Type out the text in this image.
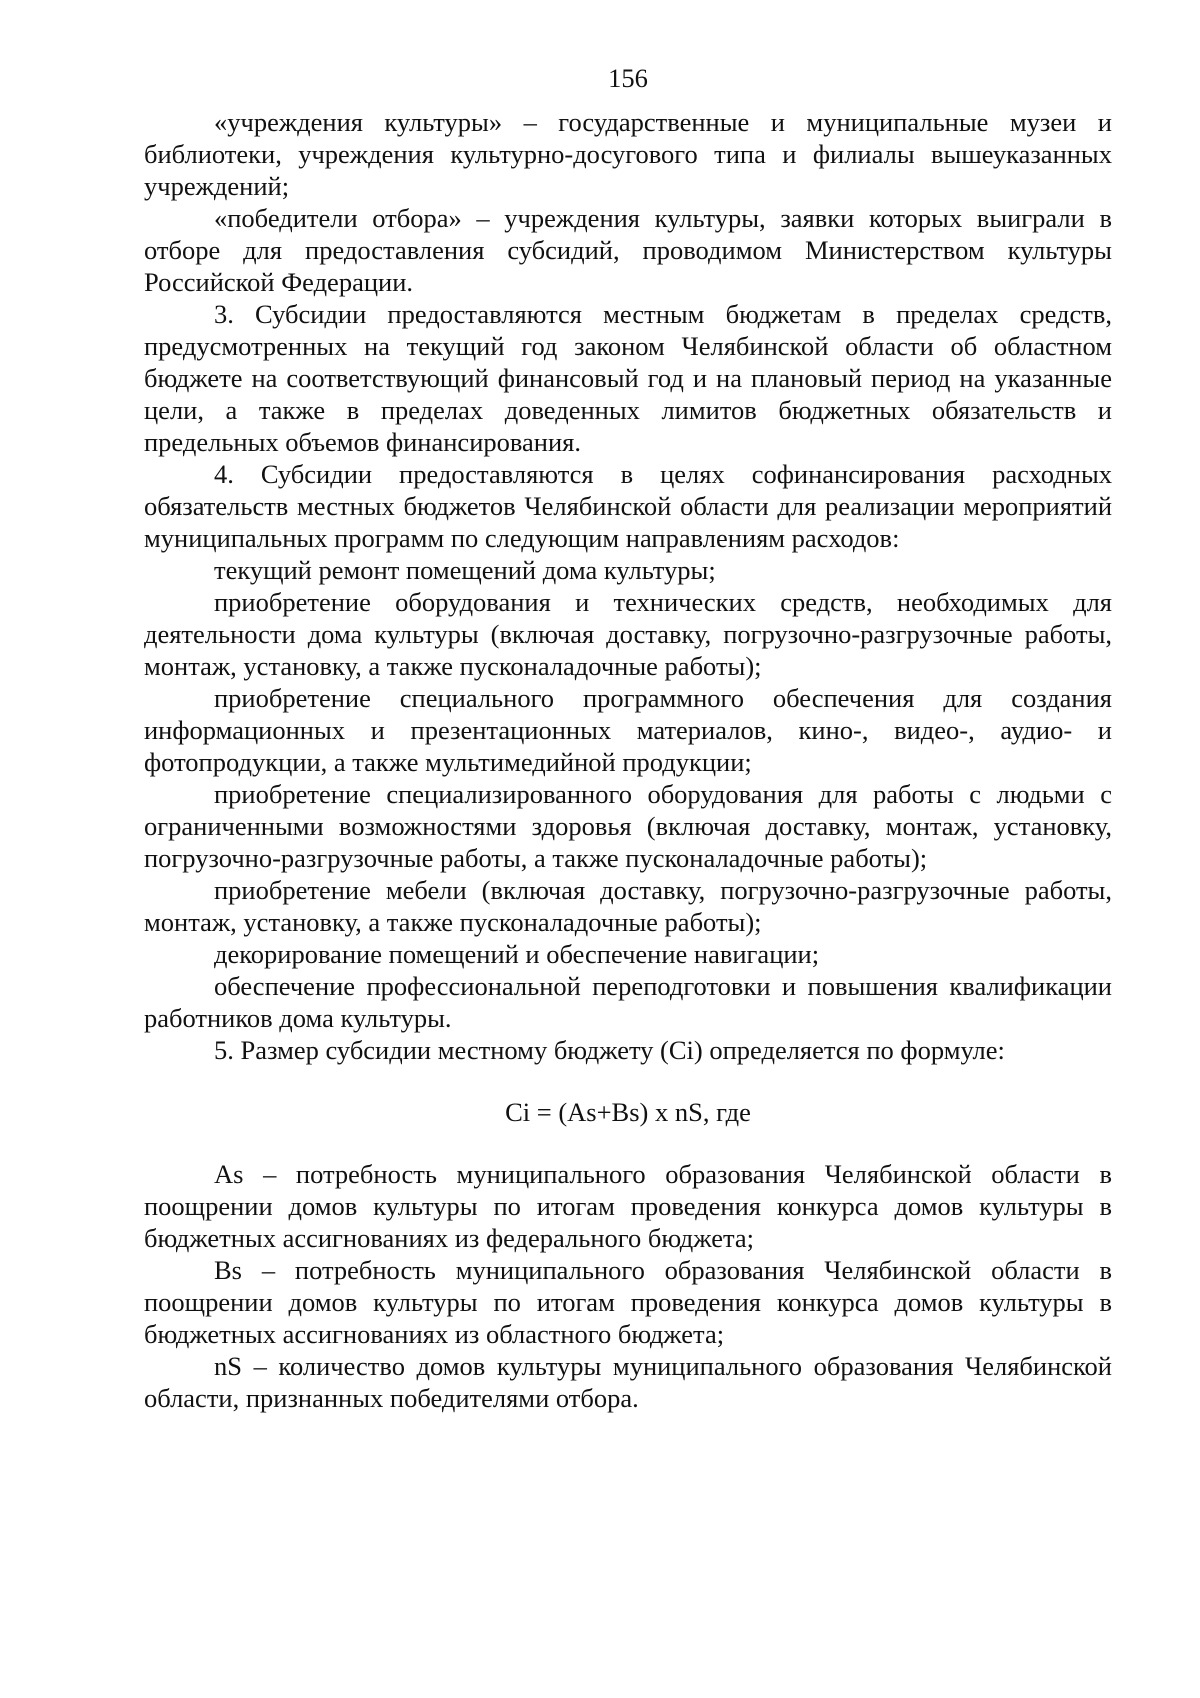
156

«учреждения культуры» – государственные и муниципальные музеи и библиотеки, учреждения культурно-досугового типа и филиалы вышеуказанных учреждений;

«победители отбора» – учреждения культуры, заявки которых выиграли в отборе для предоставления субсидий, проводимом Министерством культуры Российской Федерации.

3. Субсидии предоставляются местным бюджетам в пределах средств, предусмотренных на текущий год законом Челябинской области об областном бюджете на соответствующий финансовый год и на плановый период на указанные цели, а также в пределах доведенных лимитов бюджетных обязательств и предельных объемов финансирования.

4. Субсидии предоставляются в целях софинансирования расходных обязательств местных бюджетов Челябинской области для реализации мероприятий муниципальных программ по следующим направлениям расходов:

текущий ремонт помещений дома культуры;

приобретение оборудования и технических средств, необходимых для деятельности дома культуры (включая доставку, погрузочно-разгрузочные работы, монтаж, установку, а также пусконаладочные работы);

приобретение специального программного обеспечения для создания информационных и презентационных материалов, кино-, видео-, аудио- и фотопродукции, а также мультимедийной продукции;

приобретение специализированного оборудования для работы с людьми с ограниченными возможностями здоровья (включая доставку, монтаж, установку, погрузочно-разгрузочные работы, а также пусконаладочные работы);

приобретение мебели (включая доставку, погрузочно-разгрузочные работы, монтаж, установку, а также пусконаладочные работы);

декорирование помещений и обеспечение навигации;

обеспечение профессиональной переподготовки и повышения квалификации работников дома культуры.

5. Размер субсидии местному бюджету (Ci) определяется по формуле:

Ci = (As+Bs) x nS, где

As – потребность муниципального образования Челябинской области в поощрении домов культуры по итогам проведения конкурса домов культуры в бюджетных ассигнованиях из федерального бюджета;

Bs – потребность муниципального образования Челябинской области в поощрении домов культуры по итогам проведения конкурса домов культуры в бюджетных ассигнованиях из областного бюджета;

nS – количество домов культуры муниципального образования Челябинской области, признанных победителями отбора.
